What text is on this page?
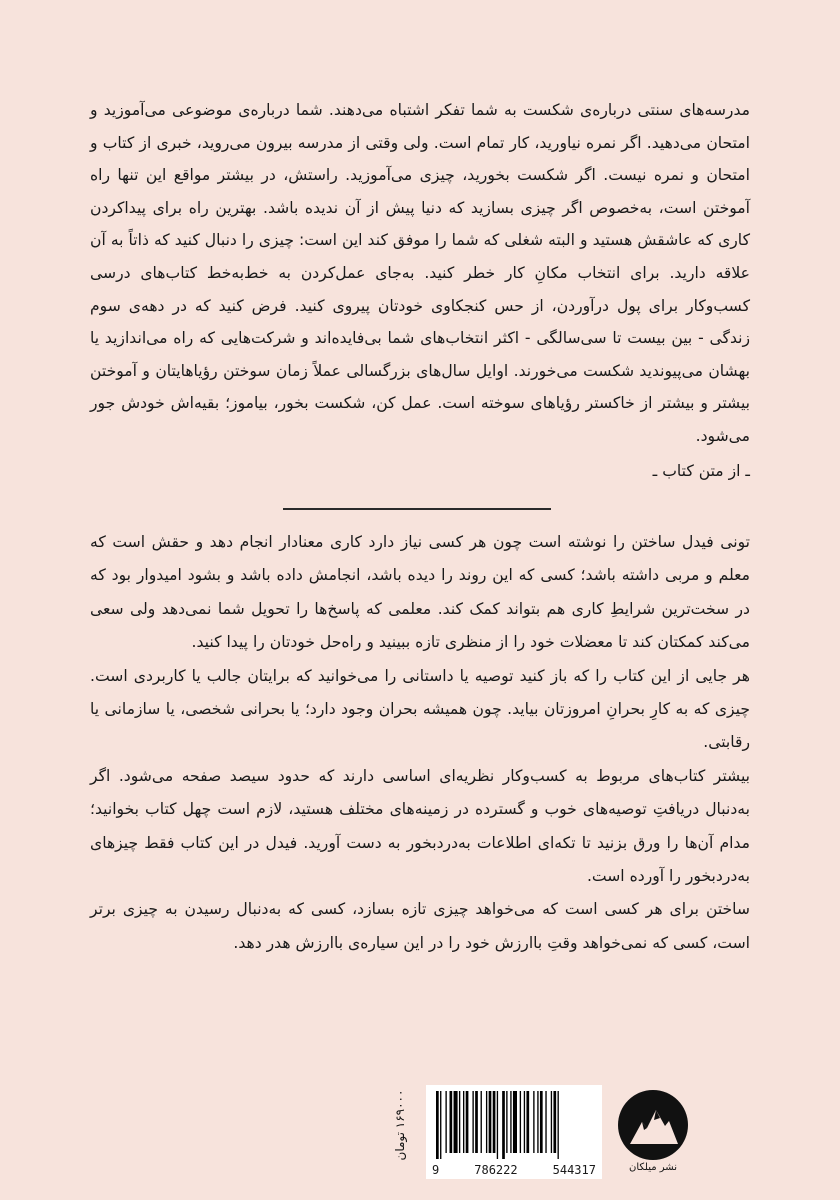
مدرسه‌های سنتی درباره‌ی شکست به شما تفکر اشتباه می‌دهند. شما درباره‌ی موضوعی می‌آموزید و امتحان می‌دهید. اگر نمره نیاورید، کار تمام است. ولی وقتی از مدرسه بیرون می‌روید، خبری از کتاب و امتحان و نمره نیست. اگر شکست بخورید، چیزی می‌آموزید. راستش، در بیشتر مواقع این تنها راه آموختن است، به‌خصوص اگر چیزی بسازید که دنیا پیش از آن ندیده باشد. بهترین راه برای پیداکردن کاری که عاشقش هستید و البته شغلی که شما را موفق کند این است: چیزی را دنبال کنید که ذاتاً به آن علاقه دارید. برای انتخاب مکانِ کار خطر کنید. به‌جای عمل‌کردن به خط‌به‌خط کتاب‌های درسی کسب‌وکار برای پول درآوردن، از حس کنجکاوی خودتان پیروی کنید. فرض کنید که در دهه‌ی سوم زندگی - بین بیست تا سی‌سالگی - اکثر انتخاب‌های شما بی‌فایده‌اند و شرکت‌هایی که راه می‌اندازید یا بهشان می‌پیوندید شکست می‌خورند. اوایل سال‌های بزرگسالی عملاً زمان سوختن رؤیاهایتان و آموختن بیشتر و بیشتر از خاکستر رؤیاهای سوخته است. عمل کن، شکست بخور، بیاموز؛ بقیه‌اش خودش جور می‌شود.

ـ از متن کتاب ـ

تونی فیدل ساختن را نوشته است چون هر کسی نیاز دارد کاری معنادار انجام دهد و حقش است که معلم و مربی داشته باشد؛ کسی که این روند را دیده باشد، انجامش داده باشد و بشود امیدوار بود که در سخت‌ترین شرایطِ کاری هم بتواند کمک کند. معلمی که پاسخ‌ها را تحویل شما نمی‌دهد ولی سعی می‌کند کمکتان کند تا معضلات خود را از منظری تازه ببینید و راه‌حل خودتان را پیدا کنید.

هر جایی از این کتاب را که باز کنید توصیه یا داستانی را می‌خوانید که برایتان جالب یا کاربردی است. چیزی که به کارِ بحرانِ امروزتان بیاید. چون همیشه بحران وجود دارد؛ یا بحرانی شخصی، یا سازمانی یا رقابتی.

بیشتر کتاب‌های مربوط به کسب‌وکار نظریه‌ای اساسی دارند که حدود سیصد صفحه می‌شود. اگر به‌دنبال دریافتِ توصیه‌های خوب و گسترده در زمینه‌های مختلف هستید، لازم است چهل کتاب بخوانید؛ مدام آن‌ها را ورق بزنید تا تکه‌ای اطلاعات به‌دردبخور به دست آورید. فیدل در این کتاب فقط چیزهای به‌دردبخور را آورده است.

ساختن برای هر کسی است که می‌خواهد چیزی تازه بسازد، کسی که به‌دنبال رسیدن به چیزی برتر است، کسی که نمی‌خواهد وقتِ باارزش خود را در این سیاره‌ی باارزش هدر دهد.

نشر میلکان
9	786222	544317
۱۶۹۰۰۰ تومان
